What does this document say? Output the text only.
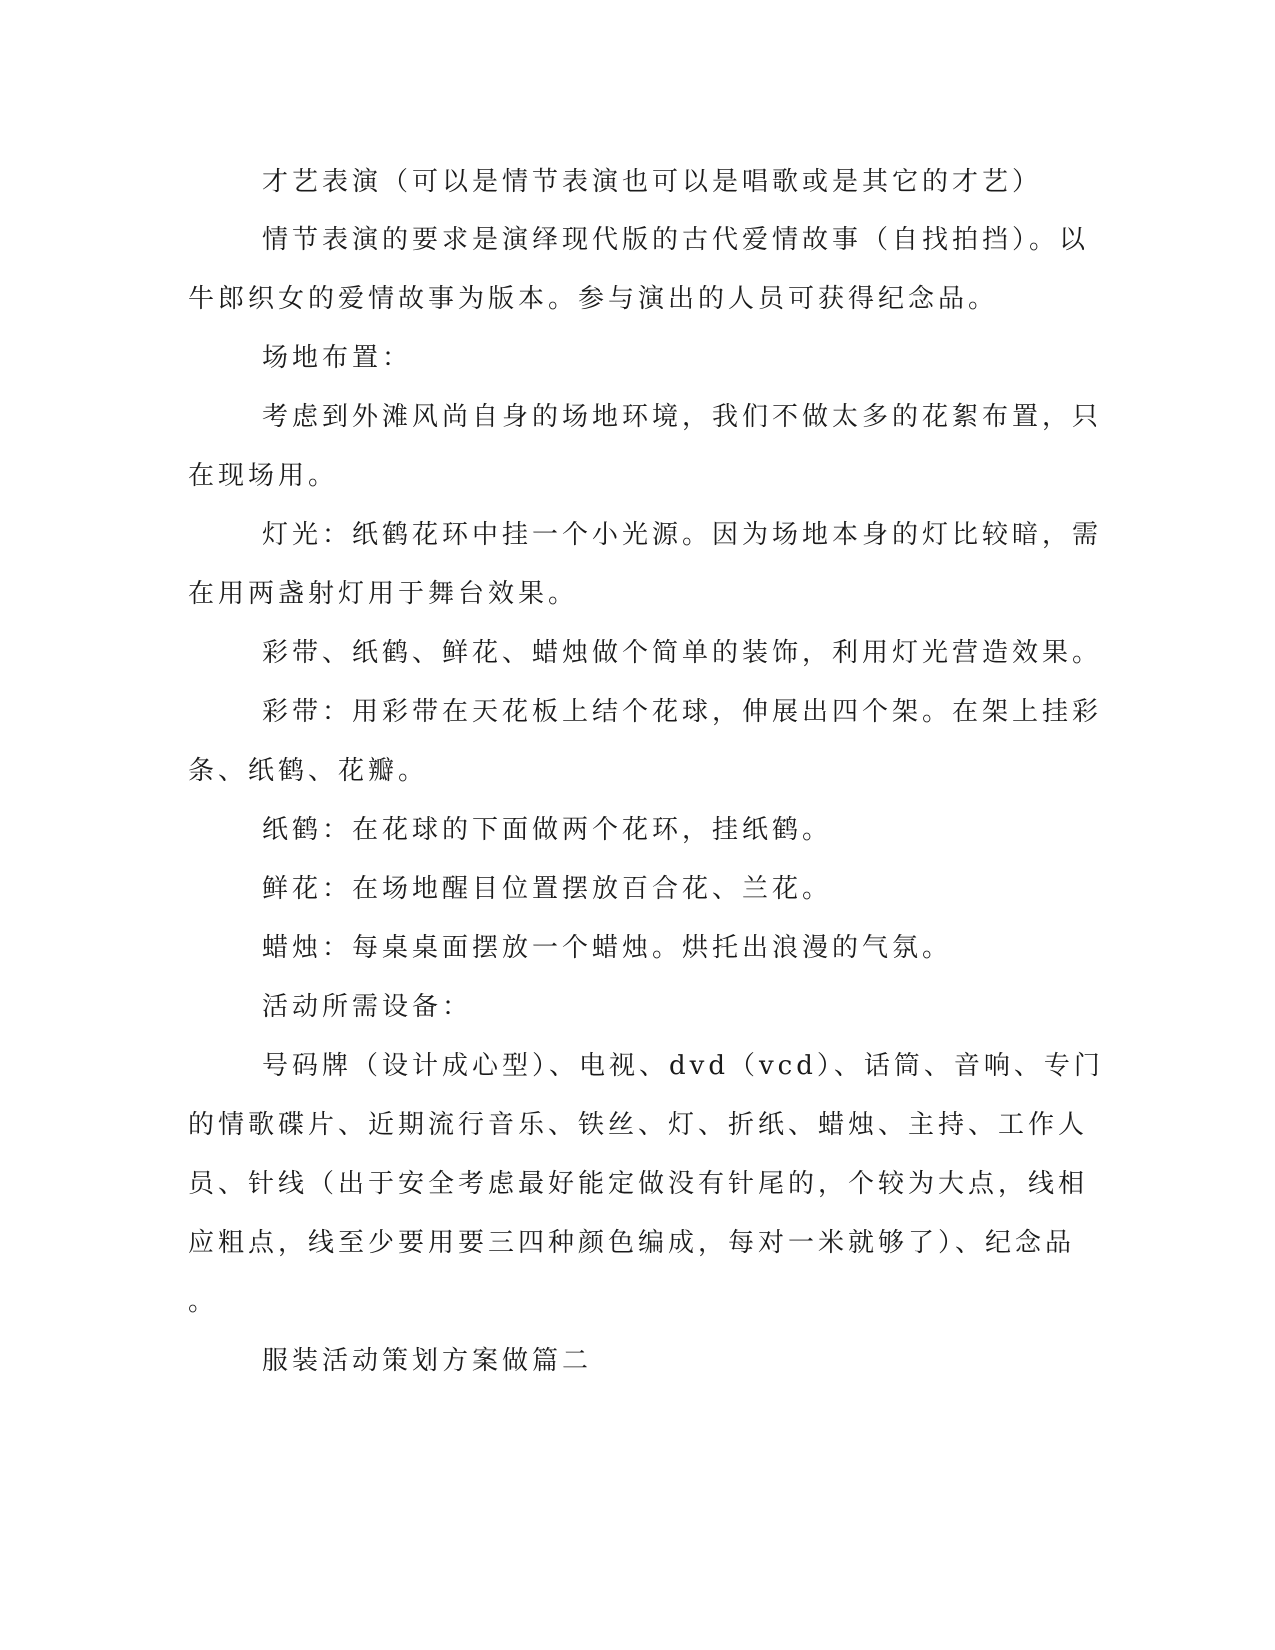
才艺表演（可以是情节表演也可以是唱歌或是其它的才艺）
情节表演的要求是演绎现代版的古代爱情故事（自找拍挡）。以
牛郎织女的爱情故事为版本。参与演出的人员可获得纪念品。
场地布置：
考虑到外滩风尚自身的场地环境，我们不做太多的花絮布置，只
在现场用。
灯光：纸鹤花环中挂一个小光源。因为场地本身的灯比较暗，需
在用两盏射灯用于舞台效果。
彩带、纸鹤、鲜花、蜡烛做个简单的装饰，利用灯光营造效果。
彩带：用彩带在天花板上结个花球，伸展出四个架。在架上挂彩
条、纸鹤、花瓣。
纸鹤：在花球的下面做两个花环，挂纸鹤。
鲜花：在场地醒目位置摆放百合花、兰花。
蜡烛：每桌桌面摆放一个蜡烛。烘托出浪漫的气氛。
活动所需设备：
号码牌（设计成心型）、电视、dvd（vcd）、话筒、音响、专门
的情歌碟片、近期流行音乐、铁丝、灯、折纸、蜡烛、主持、工作人
员、针线（出于安全考虑最好能定做没有针尾的，个较为大点，线相
应粗点，线至少要用要三四种颜色编成，每对一米就够了）、纪念品
。
服装活动策划方案做篇二
